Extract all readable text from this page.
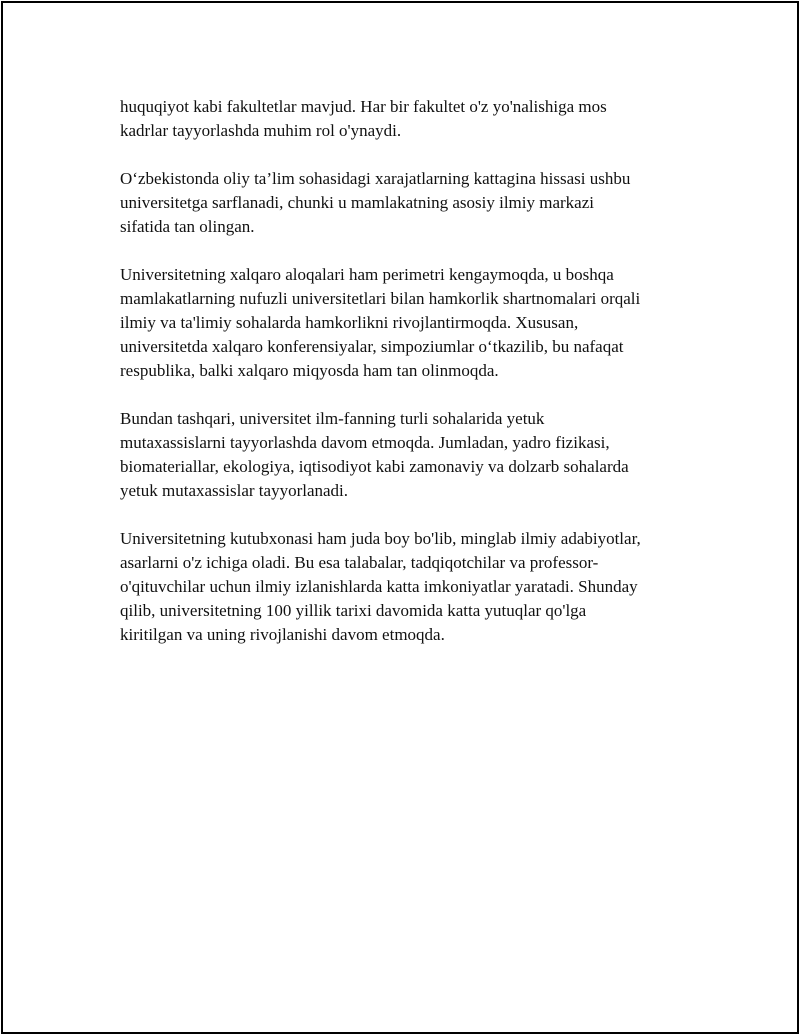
huquqiyot kabi fakultetlar mavjud. Har bir fakultet o'z yo'nalishiga mos
kadrlar tayyorlashda muhim rol o'ynaydi.

O‘zbekistonda oliy ta’lim sohasidagi xarajatlarning kattagina hissasi ushbu
universitetga sarflanadi, chunki u mamlakatning asosiy ilmiy markazi
sifatida tan olingan.

Universitetning xalqaro aloqalari ham perimetri kengaymoqda, u boshqa
mamlakatlarning nufuzli universitetlari bilan hamkorlik shartnomalari orqali
ilmiy va ta'limiy sohalarda hamkorlikni rivojlantirmoqda. Xususan,
universitetda xalqaro konferensiyalar, simpoziumlar o‘tkazilib, bu nafaqat
respublika, balki xalqaro miqyosda ham tan olinmoqda.

Bundan tashqari, universitet ilm-fanning turli sohalarida yetuk
mutaxassislarni tayyorlashda davom etmoqda. Jumladan, yadro fizikasi,
biomateriallar, ekologiya, iqtisodiyot kabi zamonaviy va dolzarb sohalarda
yetuk mutaxassislar tayyorlanadi.

Universitetning kutubxonasi ham juda boy bo'lib, minglab ilmiy adabiyotlar,
asarlarni o'z ichiga oladi. Bu esa talabalar, tadqiqotchilar va professor-
o'qituvchilar uchun ilmiy izlanishlarda katta imkoniyatlar yaratadi. Shunday
qilib, universitetning 100 yillik tarixi davomida katta yutuqlar qo'lga
kiritilgan va uning rivojlanishi davom etmoqda.
